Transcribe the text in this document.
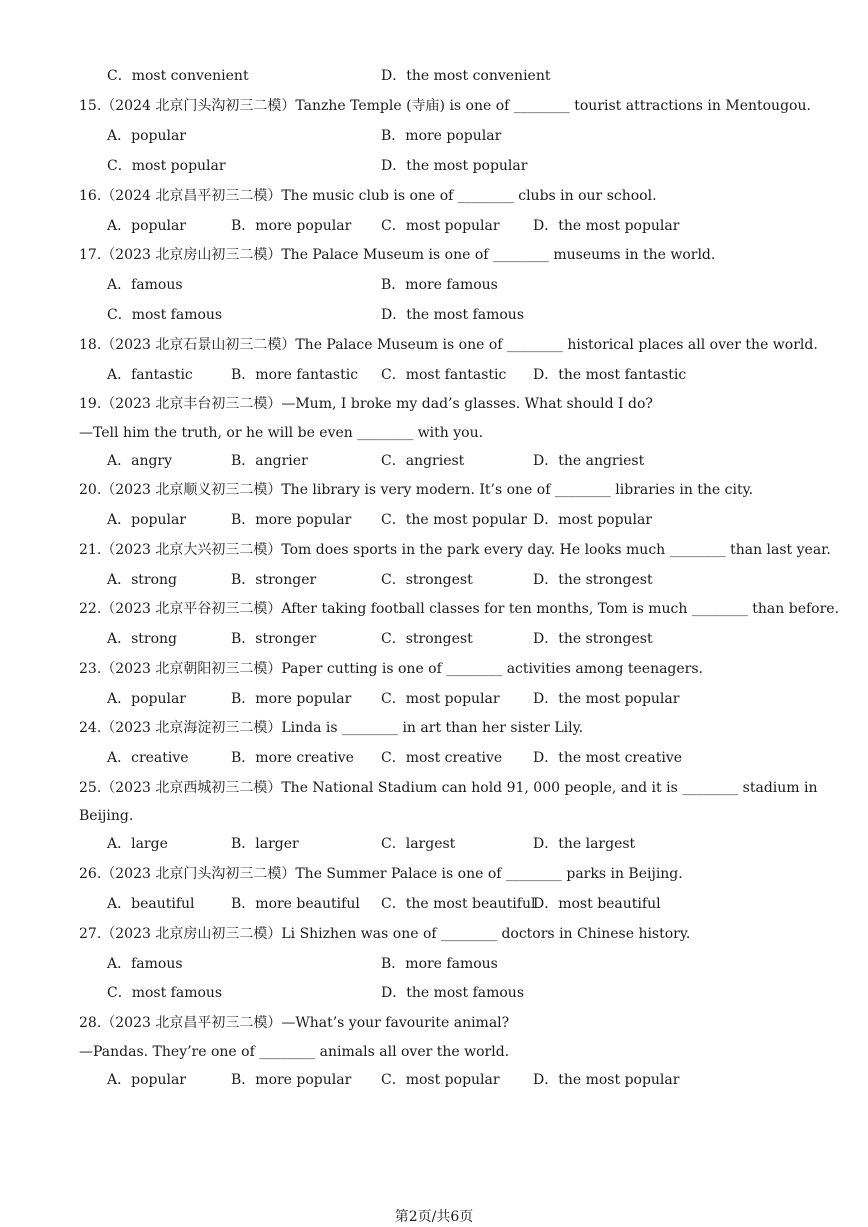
C．most convenient	D．the most convenient
15.（2024 北京门头沟初三二模）Tanzhe Temple (寺庙) is one of ________ tourist attractions in Mentougou.
A．popular	B．more popular
C．most popular	D．the most popular
16.（2024 北京昌平初三二模）The music club is one of ________ clubs in our school.
A．popular	B．more popular C．most popular D．the most popular
17.（2023 北京房山初三二模）The Palace Museum is one of ________ museums in the world.
A．famous	B．more famous
C．most famous	D．the most famous
18.（2023 北京石景山初三二模）The Palace Museum is one of ________ historical places all over the world.
A．fantastic	B．more fantastic C．most fantastic D．the most fantastic
19.（2023 北京丰台初三二模）—Mum, I broke my dad’s glasses. What should I do?
—Tell him the truth, or he will be even ________ with you.
A．angry	B．angrier	C．angriest	D．the angriest
20.（2023 北京顺义初三二模）The library is very modern. It’s one of ________ libraries in the city.
A．popular	B．more popular C．the most popular D．most popular
21.（2023 北京大兴初三二模）Tom does sports in the park every day. He looks much ________ than last year.
A．strong	B．stronger	C．strongest	D．the strongest
22.（2023 北京平谷初三二模）After taking football classes for ten months, Tom is much ________ than before.
A．strong	B．stronger	C．strongest	D．the strongest
23.（2023 北京朝阳初三二模）Paper cutting is one of ________ activities among teenagers.
A．popular	B．more popular C．most popular D．the most popular
24.（2023 北京海淀初三二模）Linda is ________ in art than her sister Lily.
A．creative	B．more creative C．most creative D．the most creative
25.（2023 北京西城初三二模）The National Stadium can hold 91, 000 people, and it is ________ stadium in
Beijing.
A．large	B．larger	C．largest	D．the largest
26.（2023 北京门头沟初三二模）The Summer Palace is one of ________ parks in Beijing.
A．beautiful	B．more beautiful C．the most beautiful
D．most beautiful
27.（2023 北京房山初三二模）Li Shizhen was one of ________ doctors in Chinese history.
A．famous	B．more famous
C．most famous	D．the most famous
28.（2023 北京昌平初三二模）—What’s your favourite animal?
—Pandas. They’re one of ________ animals all over the world.
A．popular	B．more popular C．most popular D．the most popular
第2页/共6页
